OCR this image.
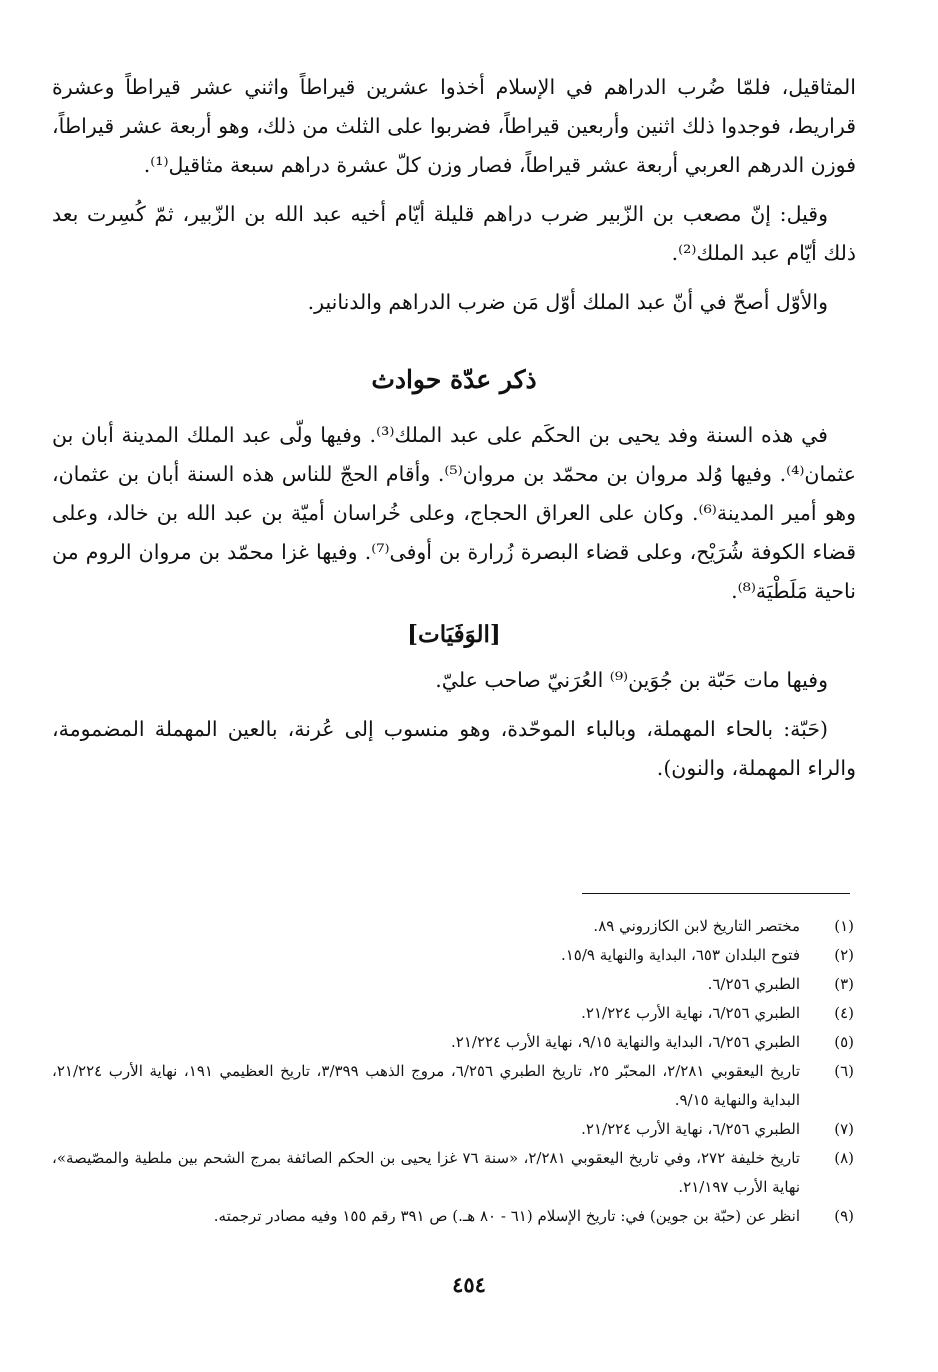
المثاقيل، فلمّا ضُرب الدراهم في الإسلام أخذوا عشرين قيراطاً واثني عشر قيراطاً وعشرة قراريط، فوجدوا ذلك اثنين وأربعين قيراطاً، فضربوا على الثلث من ذلك، وهو أربعة عشر قيراطاً، فوزن الدرهم العربي أربعة عشر قيراطاً، فصار وزن كلّ عشرة دراهم سبعة مثاقيل⁽¹⁾.

وقيل: إنّ مصعب بن الزّبير ضرب دراهم قليلة أيّام أخيه عبد الله بن الزّبير، ثمّ كُسِرت بعد ذلك أيّام عبد الملك⁽²⁾.

والأوّل أصحّ في أنّ عبد الملك أوّل مَن ضرب الدراهم والدنانير.

ذكر عدّة حوادث

في هذه السنة وفد يحيى بن الحكَم على عبد الملك⁽³⁾. وفيها ولّى عبد الملك المدينة أبان بن عثمان⁽⁴⁾. وفيها وُلد مروان بن محمّد بن مروان⁽⁵⁾. وأقام الحجّ للناس هذه السنة أبان بن عثمان، وهو أمير المدينة⁽⁶⁾. وكان على العراق الحجاج، وعلى خُراسان أميّة بن عبد الله بن خالد، وعلى قضاء الكوفة شُرَيْح، وعلى قضاء البصرة زُرارة بن أوفى⁽⁷⁾. وفيها غزا محمّد بن مروان الروم من ناحية مَلَطْيَة⁽⁸⁾.

[الوَفَيَات]

وفيها مات حَبّة بن جُوَين⁽⁹⁾ العُرَنيّ صاحب عليّ.

(حَبّة: بالحاء المهملة، وبالباء الموحّدة، وهو منسوب إلى عُرنة، بالعين المهملة المضمومة، والراء المهملة، والنون).

(١)
مختصر التاريخ لابن الكازروني ٨٩.
(٢)
فتوح البلدان ٦٥٣، البداية والنهاية ١٥/٩.
(٣)
الطبري ٦/٢٥٦.
(٤)
الطبري ٦/٢٥٦، نهاية الأرب ٢١/٢٢٤.
(٥)
الطبري ٦/٢٥٦، البداية والنهاية ٩/١٥، نهاية الأرب ٢١/٢٢٤.
(٦)
تاريخ اليعقوبي ٢/٢٨١، المحبّر ٢٥، تاريخ الطبري ٦/٢٥٦، مروج الذهب ٣/٣٩٩، تاريخ العظيمي ١٩١، نهاية الأرب ٢١/٢٢٤، البداية والنهاية ٩/١٥.
(٧)
الطبري ٦/٢٥٦، نهاية الأرب ٢١/٢٢٤.
(٨)
تاريخ خليفة ٢٧٢، وفي تاريخ اليعقوبي ٢/٢٨١، «سنة ٧٦ غزا يحيى بن الحكم الصائفة بمرج الشحم بين ملطية والمصّيصة»، نهاية الأرب ٢١/١٩٧.
(٩)
انظر عن (حبّة بن جوين) في: تاريخ الإسلام (٦١ - ٨٠ هـ.) ص ٣٩١ رقم ١٥٥ وفيه مصادر ترجمته.
٤٥٤
